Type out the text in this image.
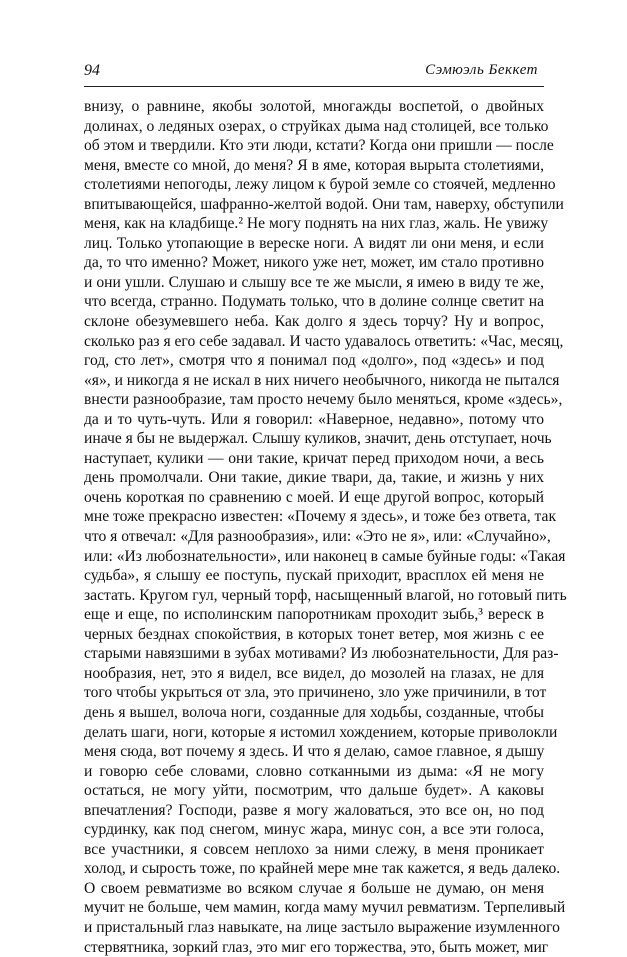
94	Сэмюэль Беккет
внизу, о равнине, якобы золотой, многажды воспетой, о двойных
долинах, о ледяных озерах, о струйках дыма над столицей, все только
об этом и твердили. Кто эти люди, кстати? Когда они пришли — после
меня, вместе со мной, до меня? Я в яме, которая вырыта столетиями,
столетиями непогоды, лежу лицом к бурой земле со стоячей, медленно
впитывающейся, шафранно-желтой водой. Они там, наверху, обступили
меня, как на кладбище.² Не могу поднять на них глаз, жаль. Не увижу
лиц. Только утопающие в вереске ноги. А видят ли они меня, и если
да, то что именно? Может, никого уже нет, может, им стало противно
и они ушли. Слушаю и слышу все те же мысли, я имею в виду те же,
что всегда, странно. Подумать только, что в долине солнце светит на
склоне обезумевшего неба. Как долго я здесь торчу? Ну и вопрос,
сколько раз я его себе задавал. И часто удавалось ответить: «Час, месяц,
год, сто лет», смотря что я понимал под «долго», под «здесь» и под
«я», и никогда я не искал в них ничего необычного, никогда не пытался
внести разнообразие, там просто нечему было меняться, кроме «здесь»,
да и то чуть-чуть. Или я говорил: «Наверное, недавно», потому что
иначе я бы не выдержал. Слышу куликов, значит, день отступает, ночь
наступает, кулики — они такие, кричат перед приходом ночи, а весь
день промолчали. Они такие, дикие твари, да, такие, и жизнь у них
очень короткая по сравнению с моей. И еще другой вопрос, который
мне тоже прекрасно известен: «Почему я здесь», и тоже без ответа, так
что я отвечал: «Для разнообразия», или: «Это не я», или: «Случайно»,
или: «Из любознательности», или наконец в самые буйные годы: «Такая
судьба», я слышу ее поступь, пускай приходит, врасплох ей меня не
застать. Кругом гул, черный торф, насыщенный влагой, но готовый пить
еще и еще, по исполинским папоротникам проходит зыбь,³ вереск в
черных безднах спокойствия, в которых тонет ветер, моя жизнь с ее
старыми навязшими в зубах мотивами? Из любознательности, Для раз-
нообразия, нет, это я видел, все видел, до мозолей на глазах, не для
того чтобы укрыться от зла, это причинено, зло уже причинили, в тот
день я вышел, волоча ноги, созданные для ходьбы, созданные, чтобы
делать шаги, ноги, которые я истомил хождением, которые приволокли
меня сюда, вот почему я здесь. И что я делаю, самое главное, я дышу
и говорю себе словами, словно сотканными из дыма: «Я не могу
остаться, не могу уйти, посмотрим, что дальше будет». А каковы
впечатления? Господи, разве я могу жаловаться, это все он, но под
сурдинку, как под снегом, минус жара, минус сон, а все эти голоса,
все участники, я совсем неплохо за ними слежу, в меня проникает
холод, и сырость тоже, по крайней мере мне так кажется, я ведь далеко.
О своем ревматизме во всяком случае я больше не думаю, он меня
мучит не больше, чем мамин, когда маму мучил ревматизм. Терпеливый
и пристальный глаз навыкате, на лице застыло выражение изумленного
стервятника, зоркий глаз, это миг его торжества, это, быть может, миг
